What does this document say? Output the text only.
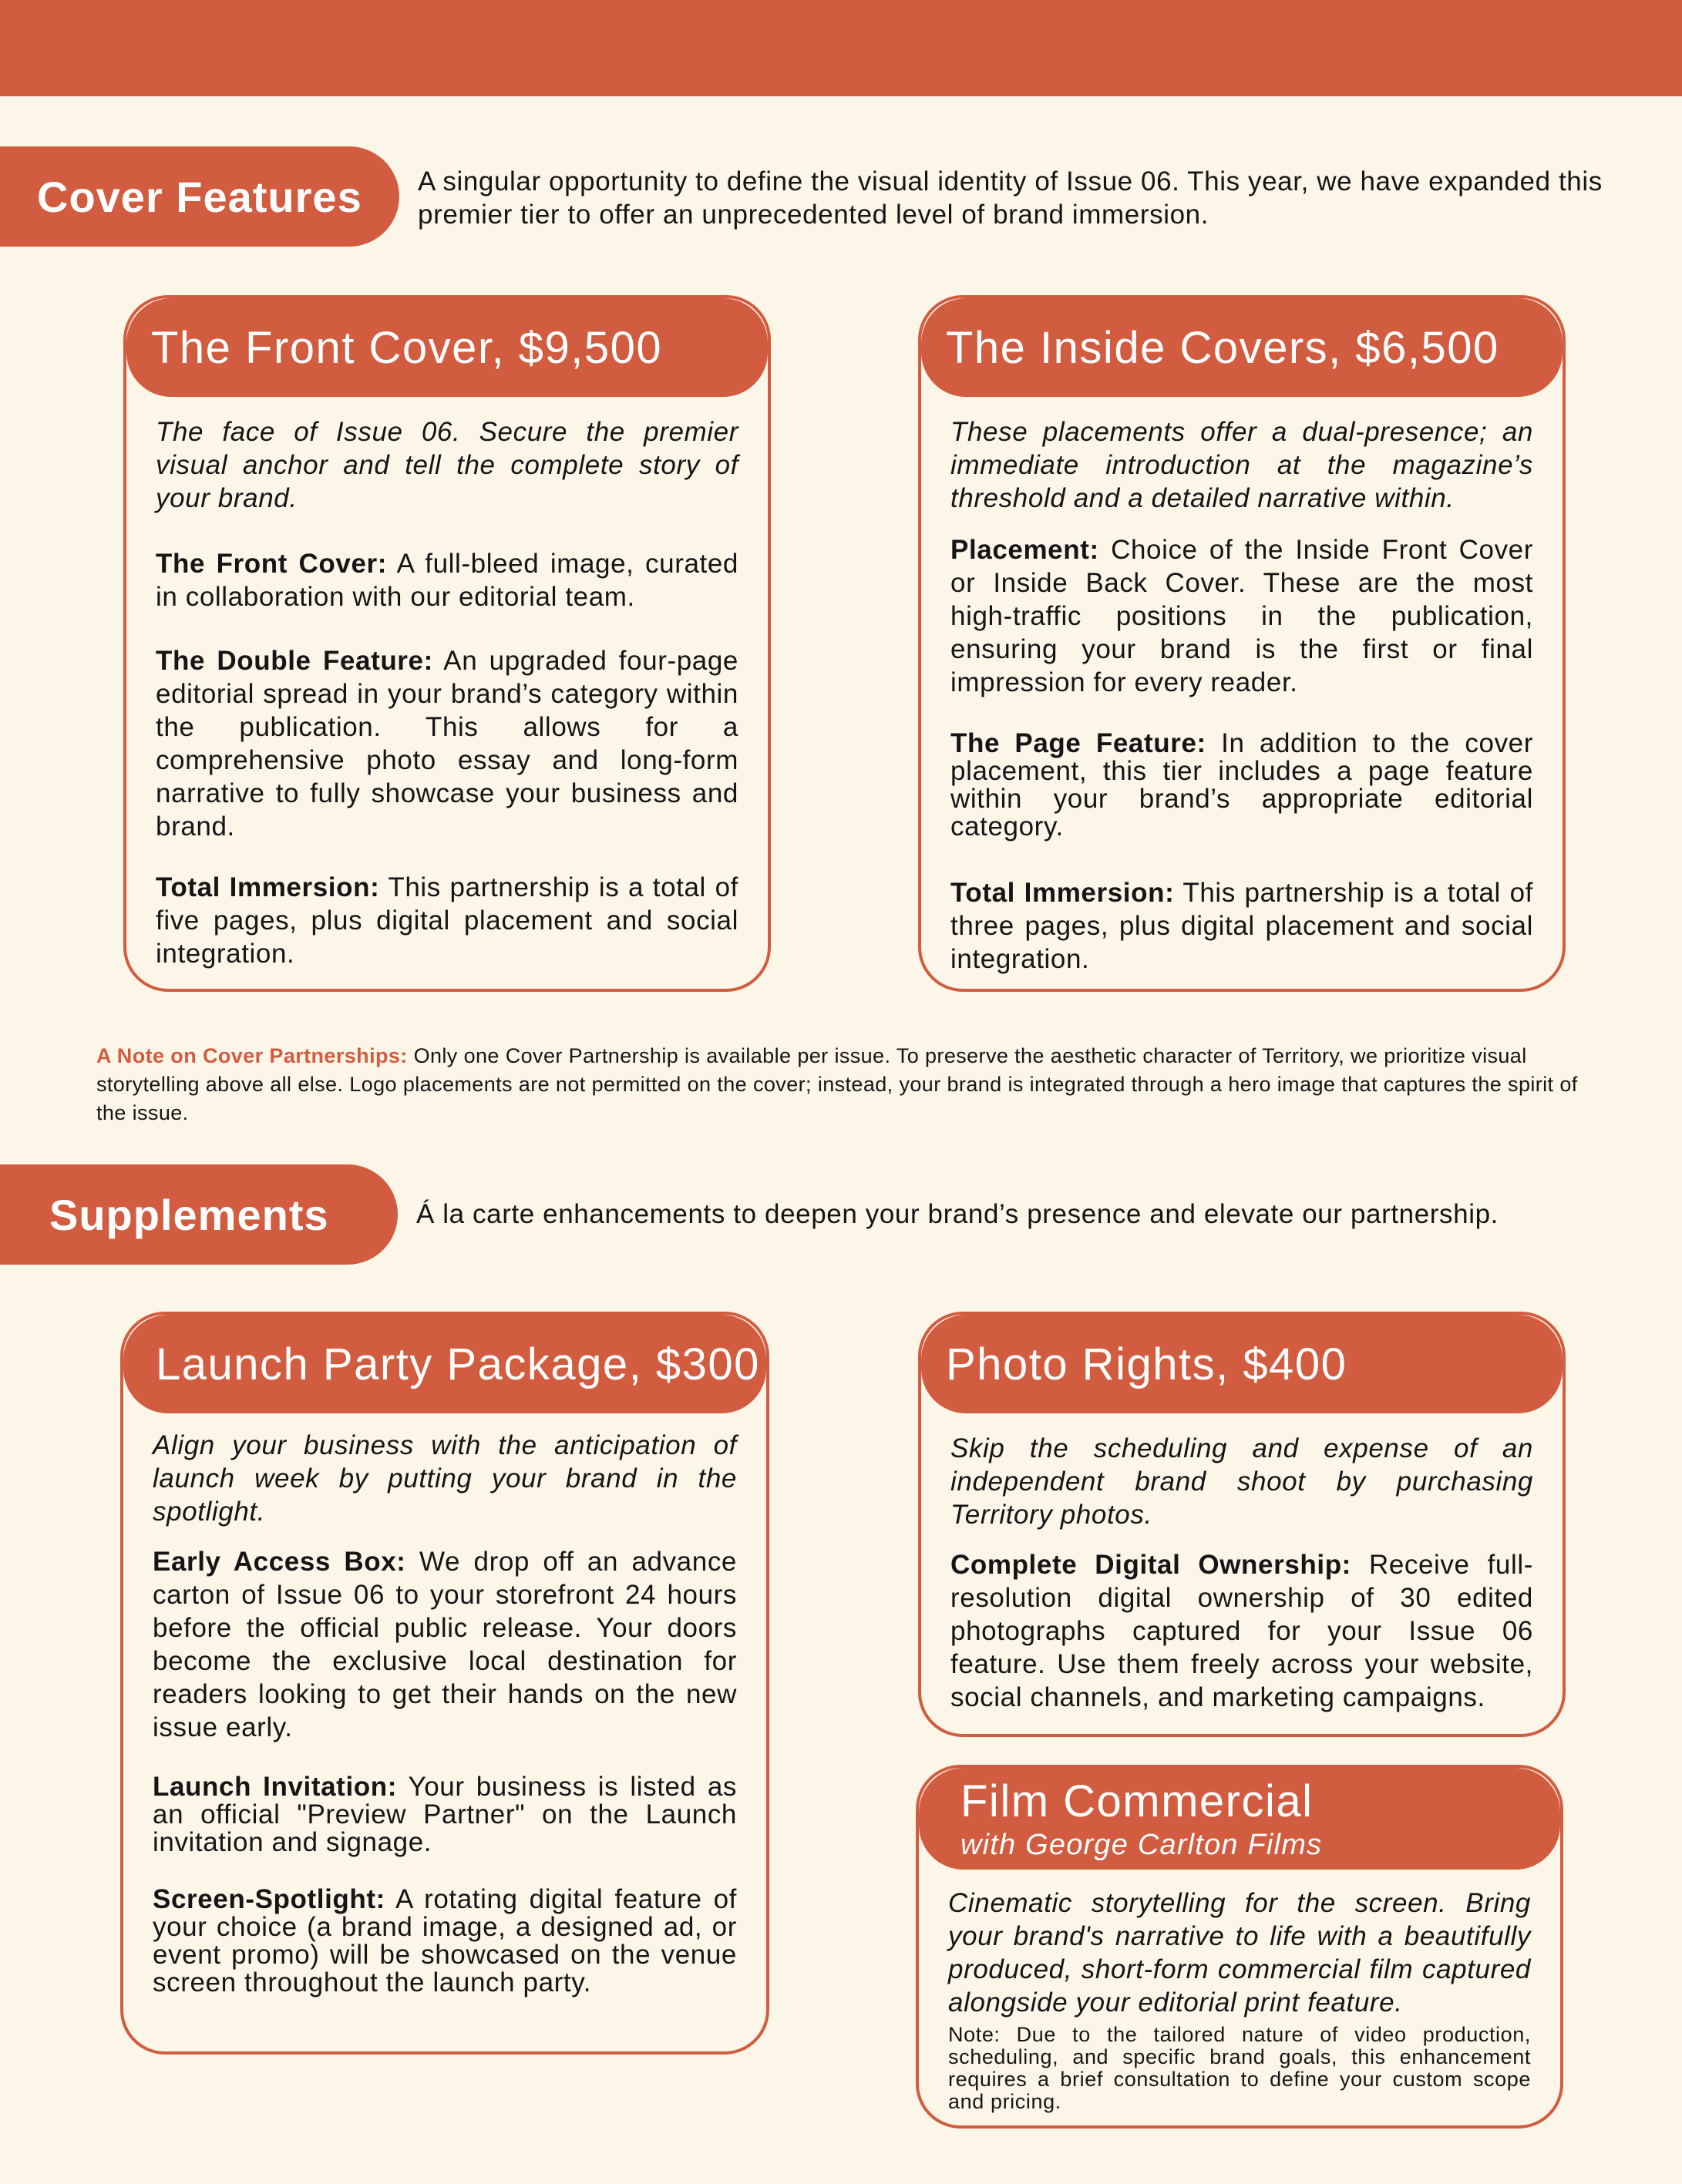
Cover Features A singular opportunity to define the visual identity of Issue 06. This year, we have expanded this premier tier to offer an unprecedented level of brand immersion.
The Front Cover, $9,500

The face of Issue 06. Secure the premier visual anchor and tell the complete story of your brand.

The Front Cover: A full-bleed image, curated in collaboration with our editorial team.

The Double Feature: An upgraded four-page editorial spread in your brand’s category within the publication. This allows for a comprehensive photo essay and long-form narrative to fully showcase your business and brand.

Total Immersion: This partnership is a total of five pages, plus digital placement and social integration.

The Inside Covers, $6,500

These placements offer a dual-presence; an immediate introduction at the magazine’s threshold and a detailed narrative within.

Placement: Choice of the Inside Front Cover or Inside Back Cover. These are the most high-traffic positions in the publication, ensuring your brand is the first or final impression for every reader.

The Page Feature: In addition to the cover placement, this tier includes a page feature within your brand’s appropriate editorial category.

Total Immersion: This partnership is a total of three pages, plus digital placement and social integration.

A Note on Cover Partnerships: Only one Cover Partnership is available per issue. To preserve the aesthetic character of Territory, we prioritize visual storytelling above all else. Logo placements are not permitted on the cover; instead, your brand is integrated through a hero image that captures the spirit of the issue.
Supplements	Á la carte enhancements to deepen your brand’s presence and elevate our partnership.
Launch Party Package, $300

Align your business with the anticipation of launch week by putting your brand in the spotlight.

Early Access Box: We drop off an advance carton of Issue 06 to your storefront 24 hours before the official public release. Your doors become the exclusive local destination for readers looking to get their hands on the new issue early.

Launch Invitation: Your business is listed as an official "Preview Partner" on the Launch invitation and signage.

Screen-Spotlight: A rotating digital feature of your choice (a brand image, a designed ad, or event promo) will be showcased on the venue screen throughout the launch party.

Photo Rights, $400

Skip the scheduling and expense of an independent brand shoot by purchasing Territory photos.

Complete Digital Ownership: Receive full-resolution digital ownership of 30 edited photographs captured for your Issue 06 feature. Use them freely across your website, social channels, and marketing campaigns.

Film Commercial
with George Carlton Films

Cinematic storytelling for the screen. Bring your brand's narrative to life with a beautifully produced, short-form commercial film captured alongside your editorial print feature.

Note: Due to the tailored nature of video production, scheduling, and specific brand goals, this enhancement requires a brief consultation to define your custom scope and pricing.
